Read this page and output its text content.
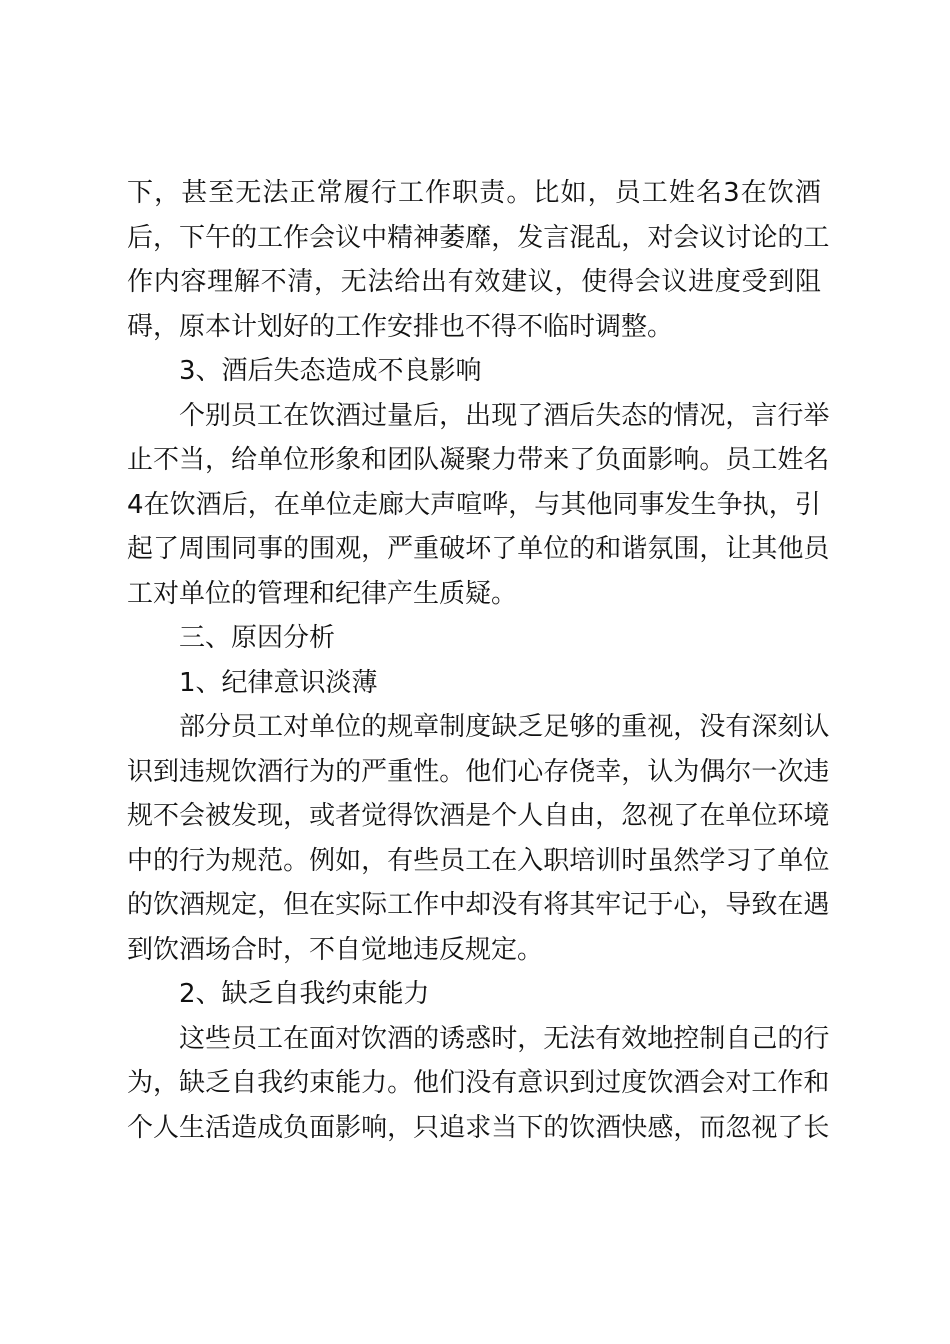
下 ， 甚 至 无 法 正 常 履 行 工 作 职 责 。 比 如 ， 员 工 姓 名 3 在 饮 酒
后 ， 下 午 的 工 作 会 议 中 精 神 萎 靡 ， 发 言 混 乱 ， 对 会 议 讨 论 的 工
作 内 容 理 解 不 清 ， 无 法 给 出 有 效 建 议 ， 使 得 会 议 进 度 受 到 阻
碍，原本计划好的工作安排也不得不临时调整。
3、酒后失态造成不良影响
个 别 员 工 在 饮 酒 过 量 后 ， 出 现 了 酒 后 失 态 的 情 况 ， 言 行 举
止 不 当 ， 给 单 位 形 象 和 团 队 凝 聚 力 带 来 了 负 面 影 响 。 员 工 姓 名
4 在 饮 酒 后 ， 在 单 位 走 廊 大 声 喧 哗 ， 与 其 他 同 事 发 生 争 执 ， 引
起 了 周 围 同 事 的 围 观 ， 严 重 破 坏 了 单 位 的 和 谐 氛 围 ， 让 其 他 员
工对单位的管理和纪律产生质疑。
三、原因分析
1、纪律意识淡薄
部 分 员 工 对 单 位 的 规 章 制 度 缺 乏 足 够 的 重 视 ， 没 有 深 刻 认
识 到 违 规 饮 酒 行 为 的 严 重 性 。 他 们 心 存 侥 幸 ， 认 为 偶 尔 一 次 违
规 不 会 被 发 现 ， 或 者 觉 得 饮 酒 是 个 人 自 由 ， 忽 视 了 在 单 位 环 境
中 的 行 为 规 范 。 例 如 ， 有 些 员 工 在 入 职 培 训 时 虽 然 学 习 了 单 位
的 饮 酒 规 定 ， 但 在 实 际 工 作 中 却 没 有 将 其 牢 记 于 心 ， 导 致 在 遇
到饮酒场合时，不自觉地违反规定。
2、缺乏自我约束能力
这 些 员 工 在 面 对 饮 酒 的 诱 惑 时 ， 无 法 有 效 地 控 制 自 己 的 行
为 ， 缺 乏 自 我 约 束 能 力 。 他 们 没 有 意 识 到 过 度 饮 酒 会 对 工 作 和
个 人 生 活 造 成 负 面 影 响 ， 只 追 求 当 下 的 饮 酒 快 感 ， 而 忽 视 了 长
